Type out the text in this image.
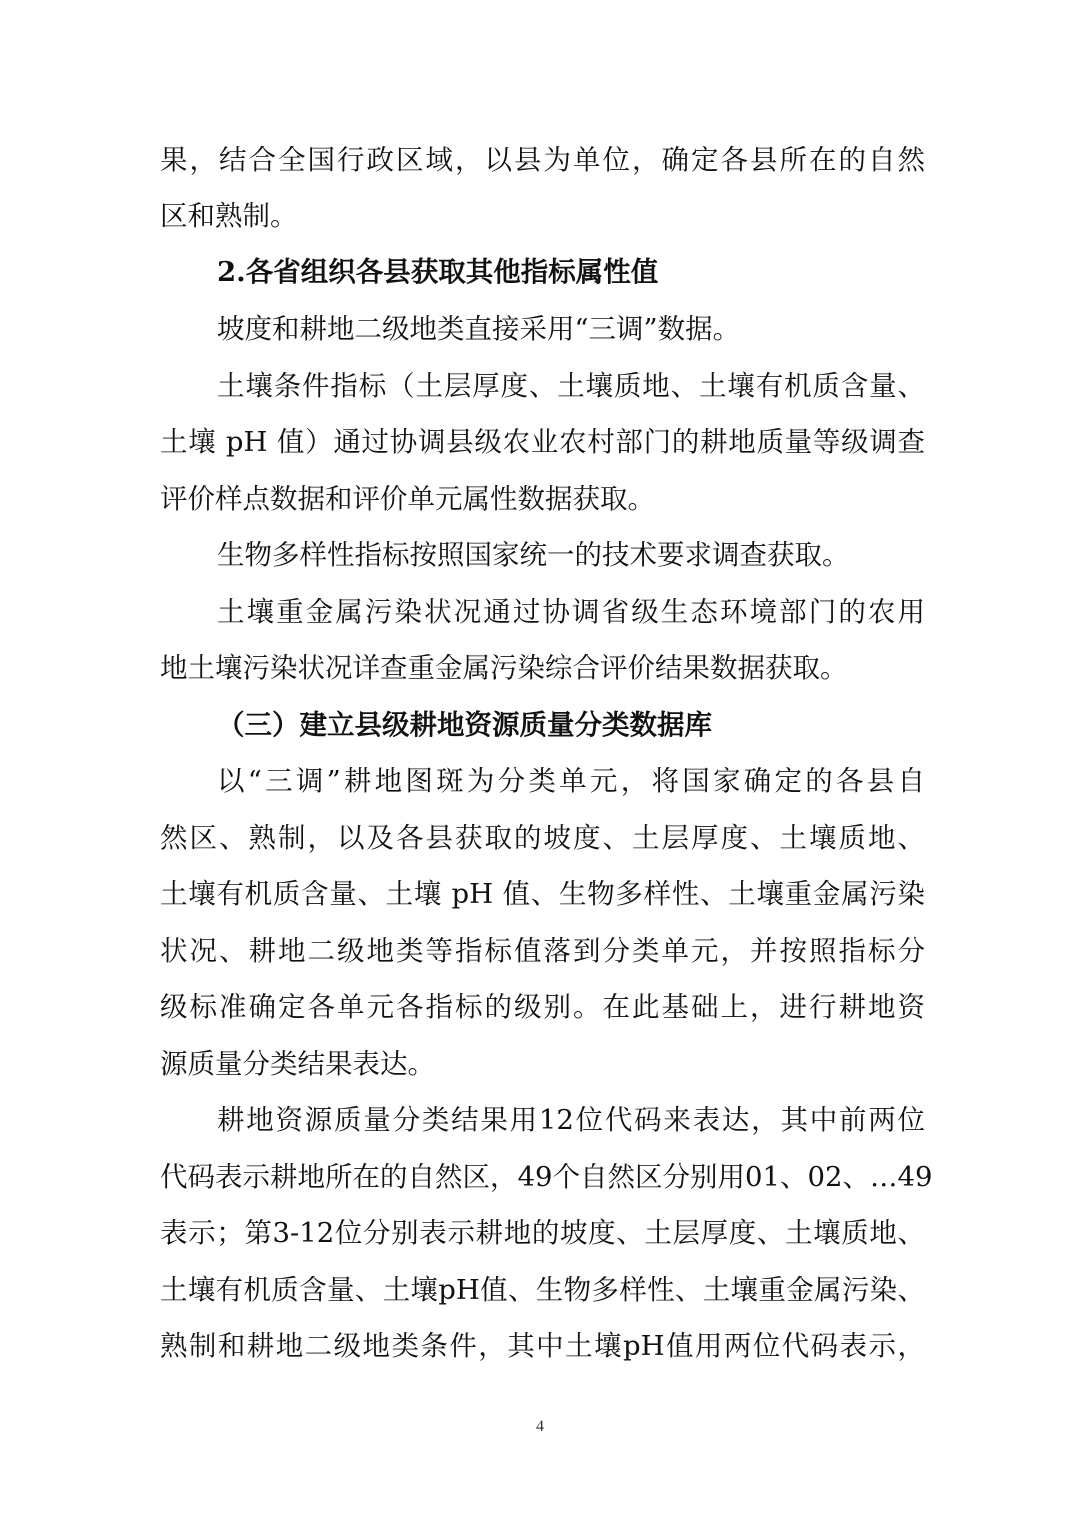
果，结合全国行政区域，以县为单位，确定各县所在的自然
区和熟制。
2.各省组织各县获取其他指标属性值
坡度和耕地二级地类直接采用“三调”数据。
土壤条件指标（土层厚度、土壤质地、土壤有机质含量、
土壤 pH 值）通过协调县级农业农村部门的耕地质量等级调查
评价样点数据和评价单元属性数据获取。
生物多样性指标按照国家统一的技术要求调查获取。
土壤重金属污染状况通过协调省级生态环境部门的农用
地土壤污染状况详查重金属污染综合评价结果数据获取。
（三）建立县级耕地资源质量分类数据库
以“三调”耕地图斑为分类单元，将国家确定的各县自
然区、熟制，以及各县获取的坡度、土层厚度、土壤质地、
土壤有机质含量、土壤 pH 值、生物多样性、土壤重金属污染
状况、耕地二级地类等指标值落到分类单元，并按照指标分
级标准确定各单元各指标的级别。在此基础上，进行耕地资
源质量分类结果表达。
耕地资源质量分类结果用12位代码来表达，其中前两位
代码表示耕地所在的自然区，49个自然区分别用01、02、…49
表示；第3-12位分别表示耕地的坡度、土层厚度、土壤质地、
土壤有机质含量、土壤pH值、生物多样性、土壤重金属污染、
熟制和耕地二级地类条件，其中土壤pH值用两位代码表示，
4
